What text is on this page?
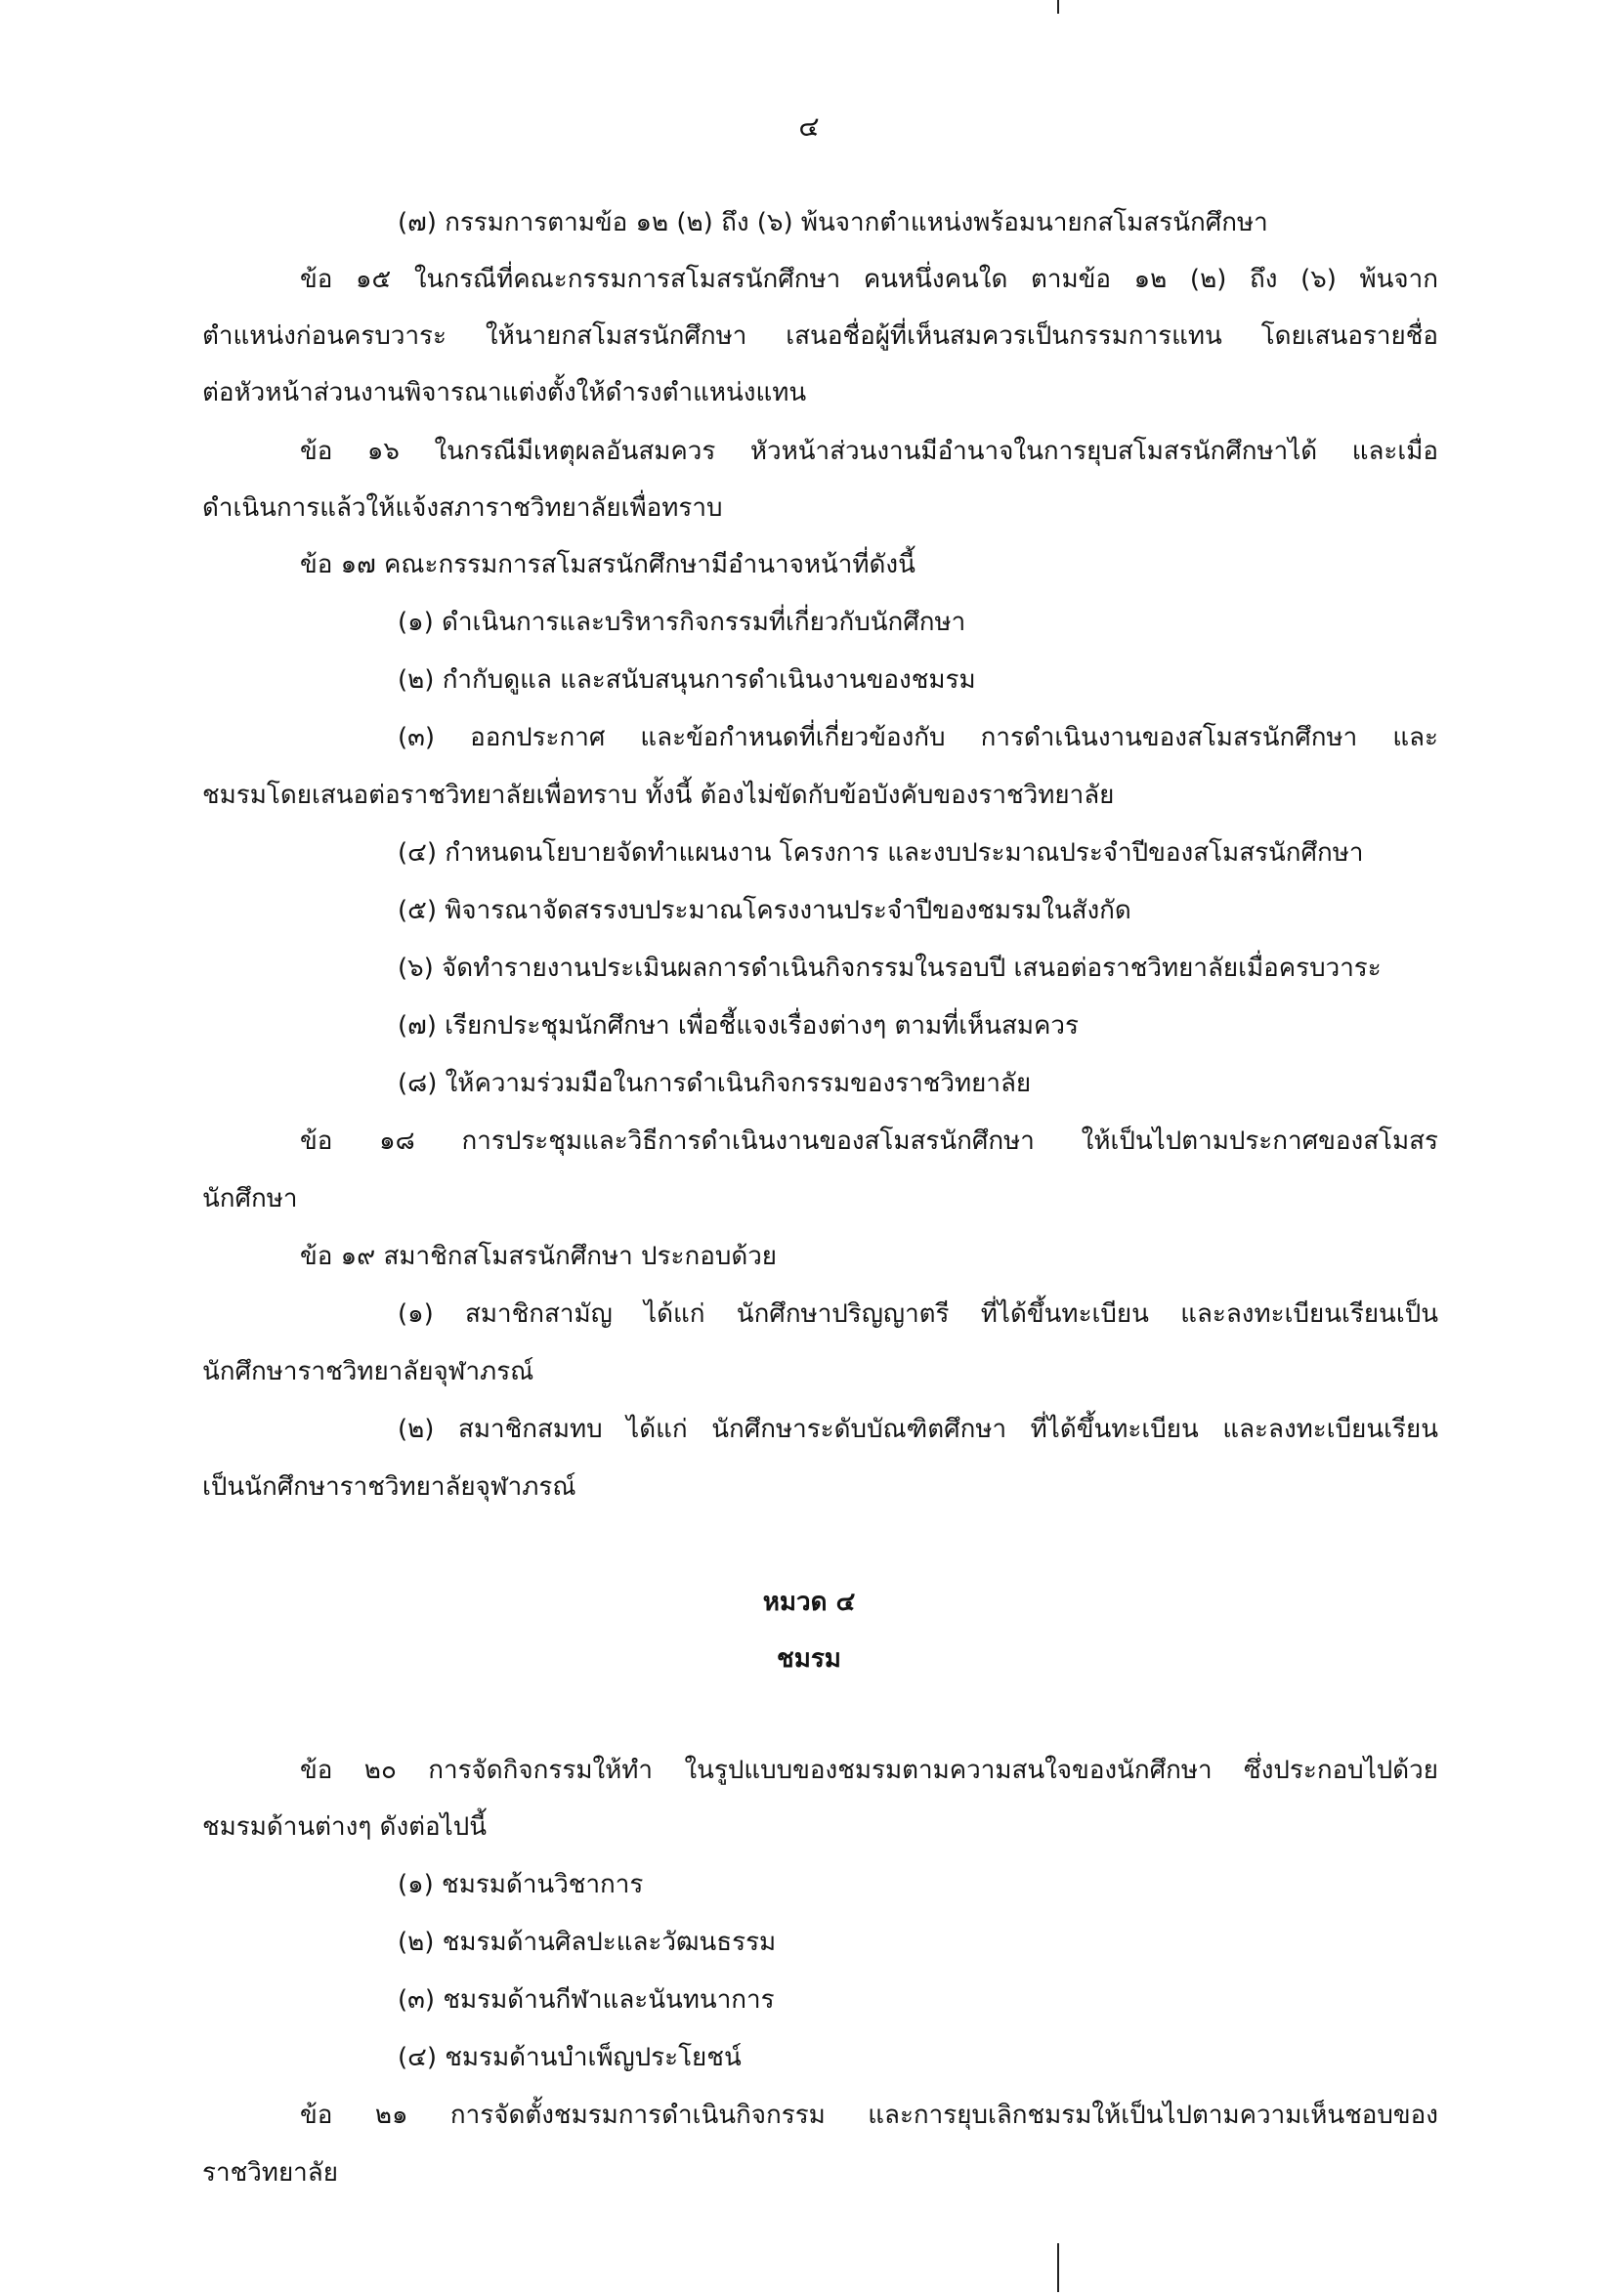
๔
(๗) กรรมการตามข้อ ๑๒ (๒) ถึง (๖) พ้นจากตำแหน่งพร้อมนายกสโมสรนักศึกษา
ข้อ ๑๕ ในกรณีที่คณะกรรมการสโมสรนักศึกษา คนหนึ่งคนใด ตามข้อ ๑๒ (๒) ถึง (๖) พ้นจาก
ตำแหน่งก่อนครบวาระ ให้นายกสโมสรนักศึกษา เสนอชื่อผู้ที่เห็นสมควรเป็นกรรมการแทน โดยเสนอรายชื่อ
ต่อหัวหน้าส่วนงานพิจารณาแต่งตั้งให้ดำรงตำแหน่งแทน
ข้อ ๑๖ ในกรณีมีเหตุผลอันสมควร หัวหน้าส่วนงานมีอำนาจในการยุบสโมสรนักศึกษาได้ และเมื่อ
ดำเนินการแล้วให้แจ้งสภาราชวิทยาลัยเพื่อทราบ
ข้อ ๑๗ คณะกรรมการสโมสรนักศึกษามีอำนาจหน้าที่ดังนี้
(๑) ดำเนินการและบริหารกิจกรรมที่เกี่ยวกับนักศึกษา
(๒) กำกับดูแล และสนับสนุนการดำเนินงานของชมรม
(๓) ออกประกาศ และข้อกำหนดที่เกี่ยวข้องกับ การดำเนินงานของสโมสรนักศึกษา และ
ชมรมโดยเสนอต่อราชวิทยาลัยเพื่อทราบ ทั้งนี้ ต้องไม่ขัดกับข้อบังคับของราชวิทยาลัย
(๔) กำหนดนโยบายจัดทำแผนงาน โครงการ และงบประมาณประจำปีของสโมสรนักศึกษา
(๕) พิจารณาจัดสรรงบประมาณโครงงานประจำปีของชมรมในสังกัด
(๖) จัดทำรายงานประเมินผลการดำเนินกิจกรรมในรอบปี เสนอต่อราชวิทยาลัยเมื่อครบวาระ
(๗) เรียกประชุมนักศึกษา เพื่อชี้แจงเรื่องต่างๆ ตามที่เห็นสมควร
(๘) ให้ความร่วมมือในการดำเนินกิจกรรมของราชวิทยาลัย
ข้อ ๑๘ การประชุมและวิธีการดำเนินงานของสโมสรนักศึกษา ให้เป็นไปตามประกาศของสโมสร
นักศึกษา
ข้อ ๑๙ สมาชิกสโมสรนักศึกษา ประกอบด้วย
(๑) สมาชิกสามัญ ได้แก่ นักศึกษาปริญญาตรี ที่ได้ขึ้นทะเบียน และลงทะเบียนเรียนเป็น
นักศึกษาราชวิทยาลัยจุฬาภรณ์
(๒) สมาชิกสมทบ ได้แก่ นักศึกษาระดับบัณฑิตศึกษา ที่ได้ขึ้นทะเบียน และลงทะเบียนเรียน
เป็นนักศึกษาราชวิทยาลัยจุฬาภรณ์
หมวด ๔
ชมรม
ข้อ ๒๐ การจัดกิจกรรมให้ทำ ในรูปแบบของชมรมตามความสนใจของนักศึกษา ซึ่งประกอบไปด้วย
ชมรมด้านต่างๆ ดังต่อไปนี้
(๑) ชมรมด้านวิชาการ
(๒) ชมรมด้านศิลปะและวัฒนธรรม
(๓) ชมรมด้านกีฬาและนันทนาการ
(๔) ชมรมด้านบำเพ็ญประโยชน์
ข้อ ๒๑ การจัดตั้งชมรมการดำเนินกิจกรรม และการยุบเลิกชมรมให้เป็นไปตามความเห็นชอบของ
ราชวิทยาลัย
